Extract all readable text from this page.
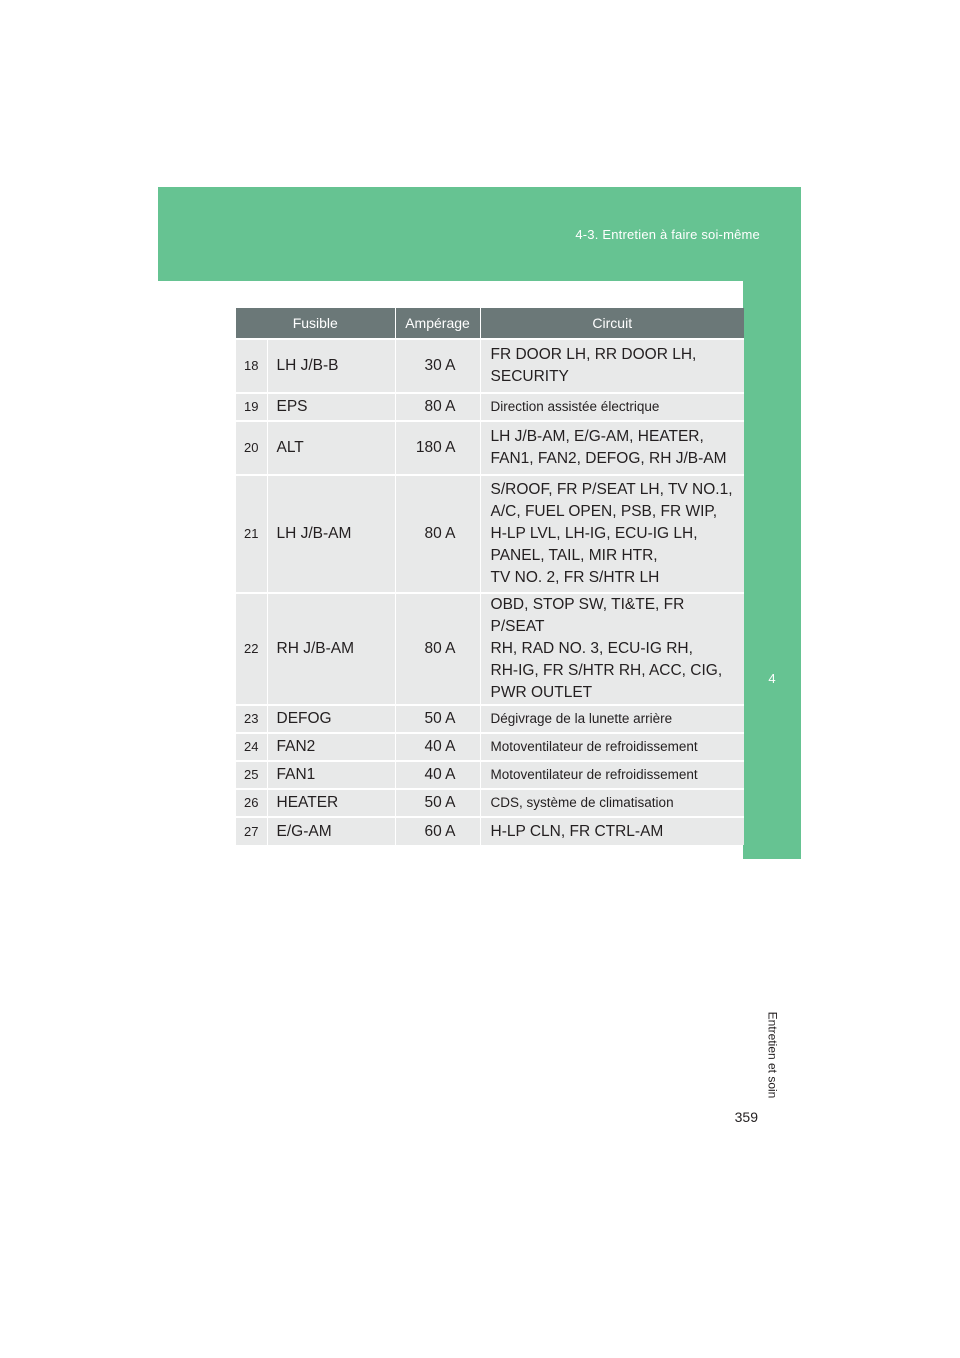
4-3. Entretien à faire soi-même
4
Entretien et soin
Fusible		Ampérage	Circuit
18	LH J/B-B	30 A	FR DOOR LH, RR DOOR LH,
SECURITY

19	EPS	80 A	Direction assistée électrique

20	ALT	180 A	LH J/B-AM, E/G-AM, HEATER,
FAN1, FAN2, DEFOG, RH J/B-AM

21	LH J/B-AM	80 A	S/ROOF, FR P/SEAT LH, TV NO.1,
A/C, FUEL OPEN, PSB, FR WIP,
H-LP LVL, LH-IG, ECU-IG LH,
PANEL, TAIL, MIR HTR,
TV NO. 2, FR S/HTR LH

22	RH J/B-AM	80 A	OBD, STOP SW, TI&TE, FR P/SEAT
RH, RAD NO. 3, ECU-IG RH,
RH-IG, FR S/HTR RH, ACC, CIG,
PWR OUTLET

23	DEFOG	50 A	Dégivrage de la lunette arrière

24	FAN2	40 A	Motoventilateur de refroidissement

25	FAN1	40 A	Motoventilateur de refroidissement

26	HEATER	50 A	CDS, système de climatisation

27	E/G-AM	60 A	H-LP CLN, FR CTRL-AM
359
